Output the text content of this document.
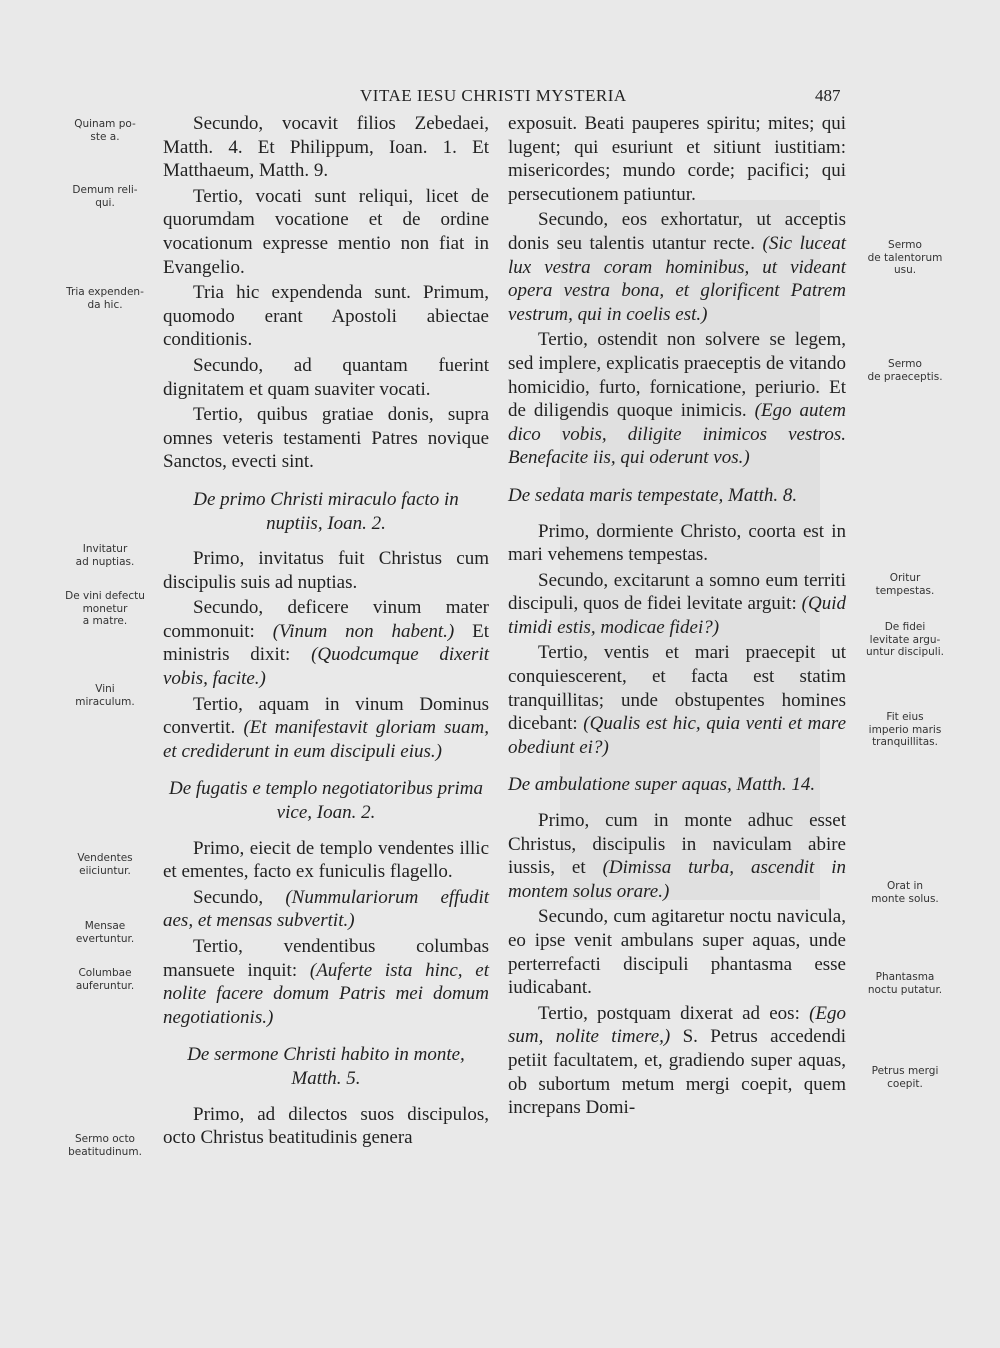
VITAE IESU CHRISTI MYSTERIA	487
Quinam po-
ste a.
Demum reli-
qui.
Tria expenden-
da hic.
Invitatur
ad nuptias.
De vini defectu
monetur
a matre.
Vini
miraculum.
Vendentes
eiiciuntur.
Mensae
evertuntur.
Columbae
auferuntur.
Sermo octo
beatitudinum.
Sermo
de talentorum
usu.
Sermo
de praeceptis.
Oritur
tempestas.
De fidei
levitate argu-
untur discipuli.
Fit eius
imperio maris
tranquillitas.
Orat in
monte solus.
Phantasma
noctu putatur.
Petrus mergi
coepit.

Secundo, vocavit filios Zebedaei, Matth. 4. Et Philippum, Ioan. 1. Et Matthaeum, Matth. 9.

Tertio, vocati sunt reliqui, licet de quorumdam vocatione et de ordine vocationum expresse mentio non fiat in Evangelio.

Tria hic expendenda sunt. Primum, quomodo erant Apostoli abiectae conditionis.

Secundo, ad quantam fuerint dignitatem et quam suaviter vocati.

Tertio, quibus gratiae donis, supra omnes veteris testamenti Patres novique Sanctos, evecti sint.

De primo Christi miraculo facto in nuptiis, Ioan. 2.

Primo, invitatus fuit Christus cum discipulis suis ad nuptias.

Secundo, deficere vinum mater commonuit: (Vinum non habent.) Et ministris dixit: (Quodcumque dixerit vobis, facite.)

Tertio, aquam in vinum Dominus convertit. (Et manifestavit gloriam suam, et crediderunt in eum discipuli eius.)

De fugatis e templo negotiatoribus prima vice, Ioan. 2.

Primo, eiecit de templo vendentes illic et ementes, facto ex funiculis flagello.

Secundo, (Nummulariorum effudit aes, et mensas subvertit.)

Tertio, vendentibus columbas mansuete inquit: (Auferte ista hinc, et nolite facere domum Patris mei domum negotiationis.)

De sermone Christi habito in monte, Matth. 5.

Primo, ad dilectos suos discipulos, octo Christus beatitudinis genera

exposuit. Beati pauperes spiritu; mites; qui lugent; qui esuriunt et sitiunt iustitiam: misericordes; mundo corde; pacifici; qui persecutionem patiuntur.

Secundo, eos exhortatur, ut acceptis donis seu talentis utantur recte. (Sic luceat lux vestra coram hominibus, ut videant opera vestra bona, et glorificent Patrem vestrum, qui in coelis est.)

Tertio, ostendit non solvere se legem, sed implere, explicatis praeceptis de vitando homicidio, furto, fornicatione, periurio. Et de diligendis quoque inimicis. (Ego autem dico vobis, diligite inimicos vestros. Benefacite iis, qui oderunt vos.)

De sedata maris tempestate, Matth. 8.

Primo, dormiente Christo, coorta est in mari vehemens tempestas.

Secundo, excitarunt a somno eum territi discipuli, quos de fidei levitate arguit: (Quid timidi estis, modicae fidei?)

Tertio, ventis et mari praecepit ut conquiescerent, et facta est statim tranquillitas; unde obstupentes homines dicebant: (Qualis est hic, quia venti et mare obediunt ei?)

De ambulatione super aquas, Matth. 14.

Primo, cum in monte adhuc esset Christus, discipulis in naviculam abire iussis, et (Dimissa turba, ascendit in montem solus orare.)

Secundo, cum agitaretur noctu navicula, eo ipse venit ambulans super aquas, unde perterrefacti discipuli phantasma esse iudicabant.

Tertio, postquam dixerat ad eos: (Ego sum, nolite timere,) S. Petrus accedendi petiit facultatem, et, gradiendo super aquas, ob subortum metum mergi coepit, quem increpans Domi-
